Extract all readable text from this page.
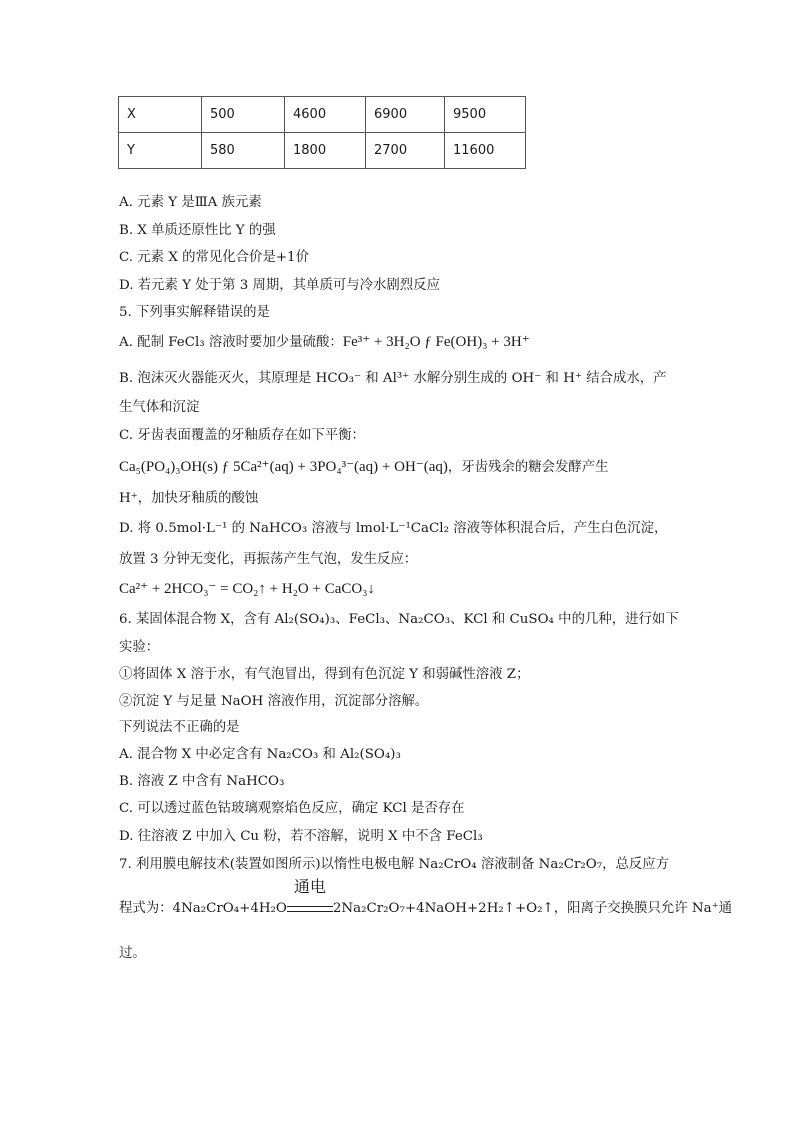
X	500	4600	6900	9500
Y	580	1800	2700	11600
A. 元素 Y 是ⅢA 族元素
B. X 单质还原性比 Y 的强
C. 元素 X 的常见化合价是+1价
D. 若元素 Y 处于第 3 周期，其单质可与冷水剧烈反应
5. 下列事实解释错误的是
A. 配制 FeCl₃ 溶液时要加少量硫酸：Fe³⁺ + 3H₂O ƒ Fe(OH)₃ + 3H⁺
B. 泡沫灭火器能灭火，其原理是 HCO₃⁻ 和 Al³⁺ 水解分别生成的 OH⁻ 和 H⁺ 结合成水，产
生气体和沉淀
C. 牙齿表面覆盖的牙釉质存在如下平衡：
Ca₅(PO₄)₃OH(s) ƒ 5Ca²⁺(aq) + 3PO₄³⁻(aq) + OH⁻(aq)，牙齿残余的糖会发酵产生
H⁺，加快牙釉质的酸蚀
D. 将 0.5mol·L⁻¹ 的 NaHCO₃ 溶液与 lmol·L⁻¹CaCl₂ 溶液等体积混合后，产生白色沉淀，
放置 3 分钟无变化，再振荡产生气泡，发生反应：
Ca²⁺ + 2HCO₃⁻ = CO₂↑ + H₂O + CaCO₃↓
6. 某固体混合物 X，含有 Al₂(SO₄)₃、FeCl₃、Na₂CO₃、KCl 和 CuSO₄ 中的几种，进行如下
实验：
①将固体 X 溶于水，有气泡冒出，得到有色沉淀 Y 和弱碱性溶液 Z；
②沉淀 Y 与足量 NaOH 溶液作用，沉淀部分溶解。
下列说法不正确的是
A. 混合物 X 中必定含有 Na₂CO₃ 和 Al₂(SO₄)₃
B. 溶液 Z 中含有 NaHCO₃
C. 可以透过蓝色钴玻璃观察焰色反应，确定 KCl 是否存在
D. 往溶液 Z 中加入 Cu 粉，若不溶解，说明 X 中不含 FeCl₃
7. 利用膜电解技术(装置如图所示)以惰性电极电解 Na₂CrO₄ 溶液制备 Na₂Cr₂O₇，总反应方
程式为：4Na₂CrO₄+4H₂O
通电
2Na₂Cr₂O₇+4NaOH+2H₂↑+O₂↑，阳离子交换膜只允许 Na⁺通
过。
